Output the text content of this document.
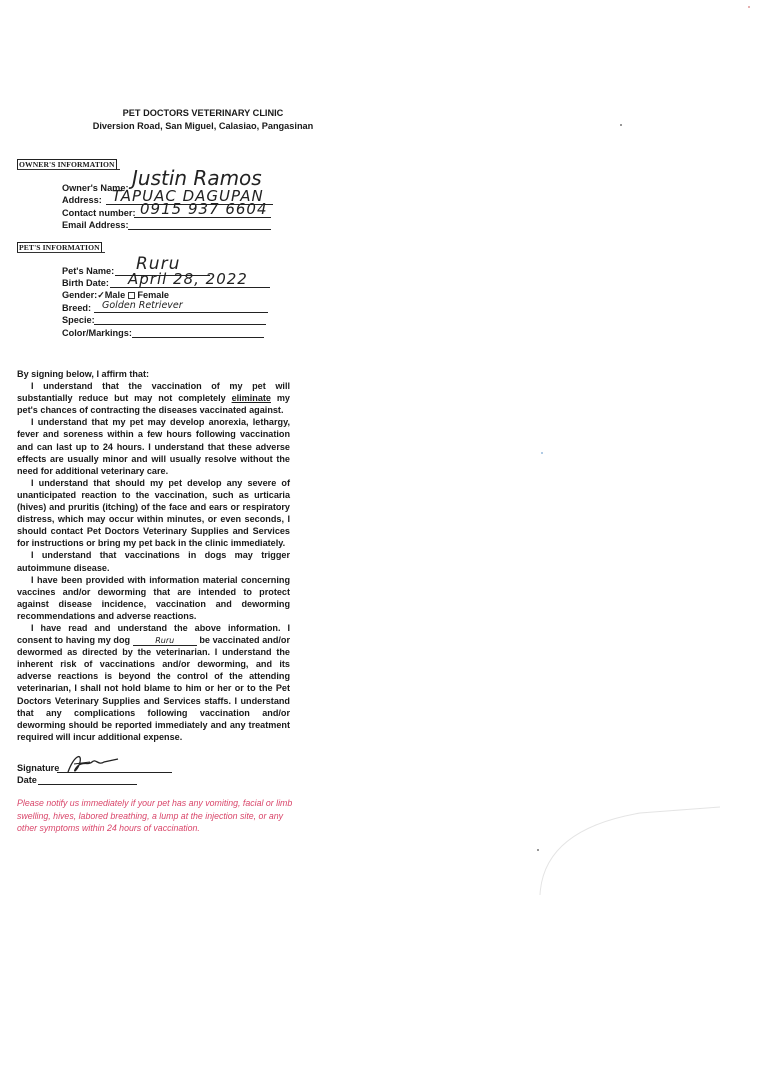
PET DOCTORS VETERINARY CLINIC
Diversion Road, San Miguel, Calasiao, Pangasinan
OWNER'S INFORMATION
Owner's Name: Justin Ramos
Address: TAPUAC DAGUPAN
Contact number: 0915 937 6604
Email Address:
PET'S INFORMATION
Pet's Name: Ruru
Birth Date: April 28, 2022
Gender:✓Male Female
Breed: Golden Retriever
Specie:
Color/Markings:

By signing below, I affirm that:

I understand that the vaccination of my pet will substantially reduce but may not completely eliminate my pet's chances of contracting the diseases vaccinated against.

I understand that my pet may develop anorexia, lethargy, fever and soreness within a few hours following vaccination and can last up to 24 hours. I understand that these adverse effects are usually minor and will usually resolve without the need for additional veterinary care.

I understand that should my pet develop any severe of unanticipated reaction to the vaccination, such as urticaria (hives) and pruritis (itching) of the face and ears or respiratory distress, which may occur within minutes, or even seconds, I should contact Pet Doctors Veterinary Supplies and Services for instructions or bring my pet back in the clinic immediately.

I understand that vaccinations in dogs may trigger autoimmune disease.

I have been provided with information material concerning vaccines and/or deworming that are intended to protect against disease incidence, vaccination and deworming recommendations and adverse reactions.

I have read and understand the above information. I consent to having my dog	Ruru be vaccinated and/or dewormed as directed by the veterinarian. I understand the inherent risk of vaccinations and/or deworming, and its adverse reactions is beyond the control of the attending veterinarian, I shall not hold blame to him or her or to the Pet Doctors Veterinary Supplies and Services staffs. I understand that any complications following vaccination and/or deworming should be reported immediately and any treatment required will incur additional expense.

Signature
Date
Please notify us immediately if your pet has any vomiting, facial or limb swelling, hives, labored breathing, a lump at the injection site, or any other symptoms within 24 hours of vaccination.
